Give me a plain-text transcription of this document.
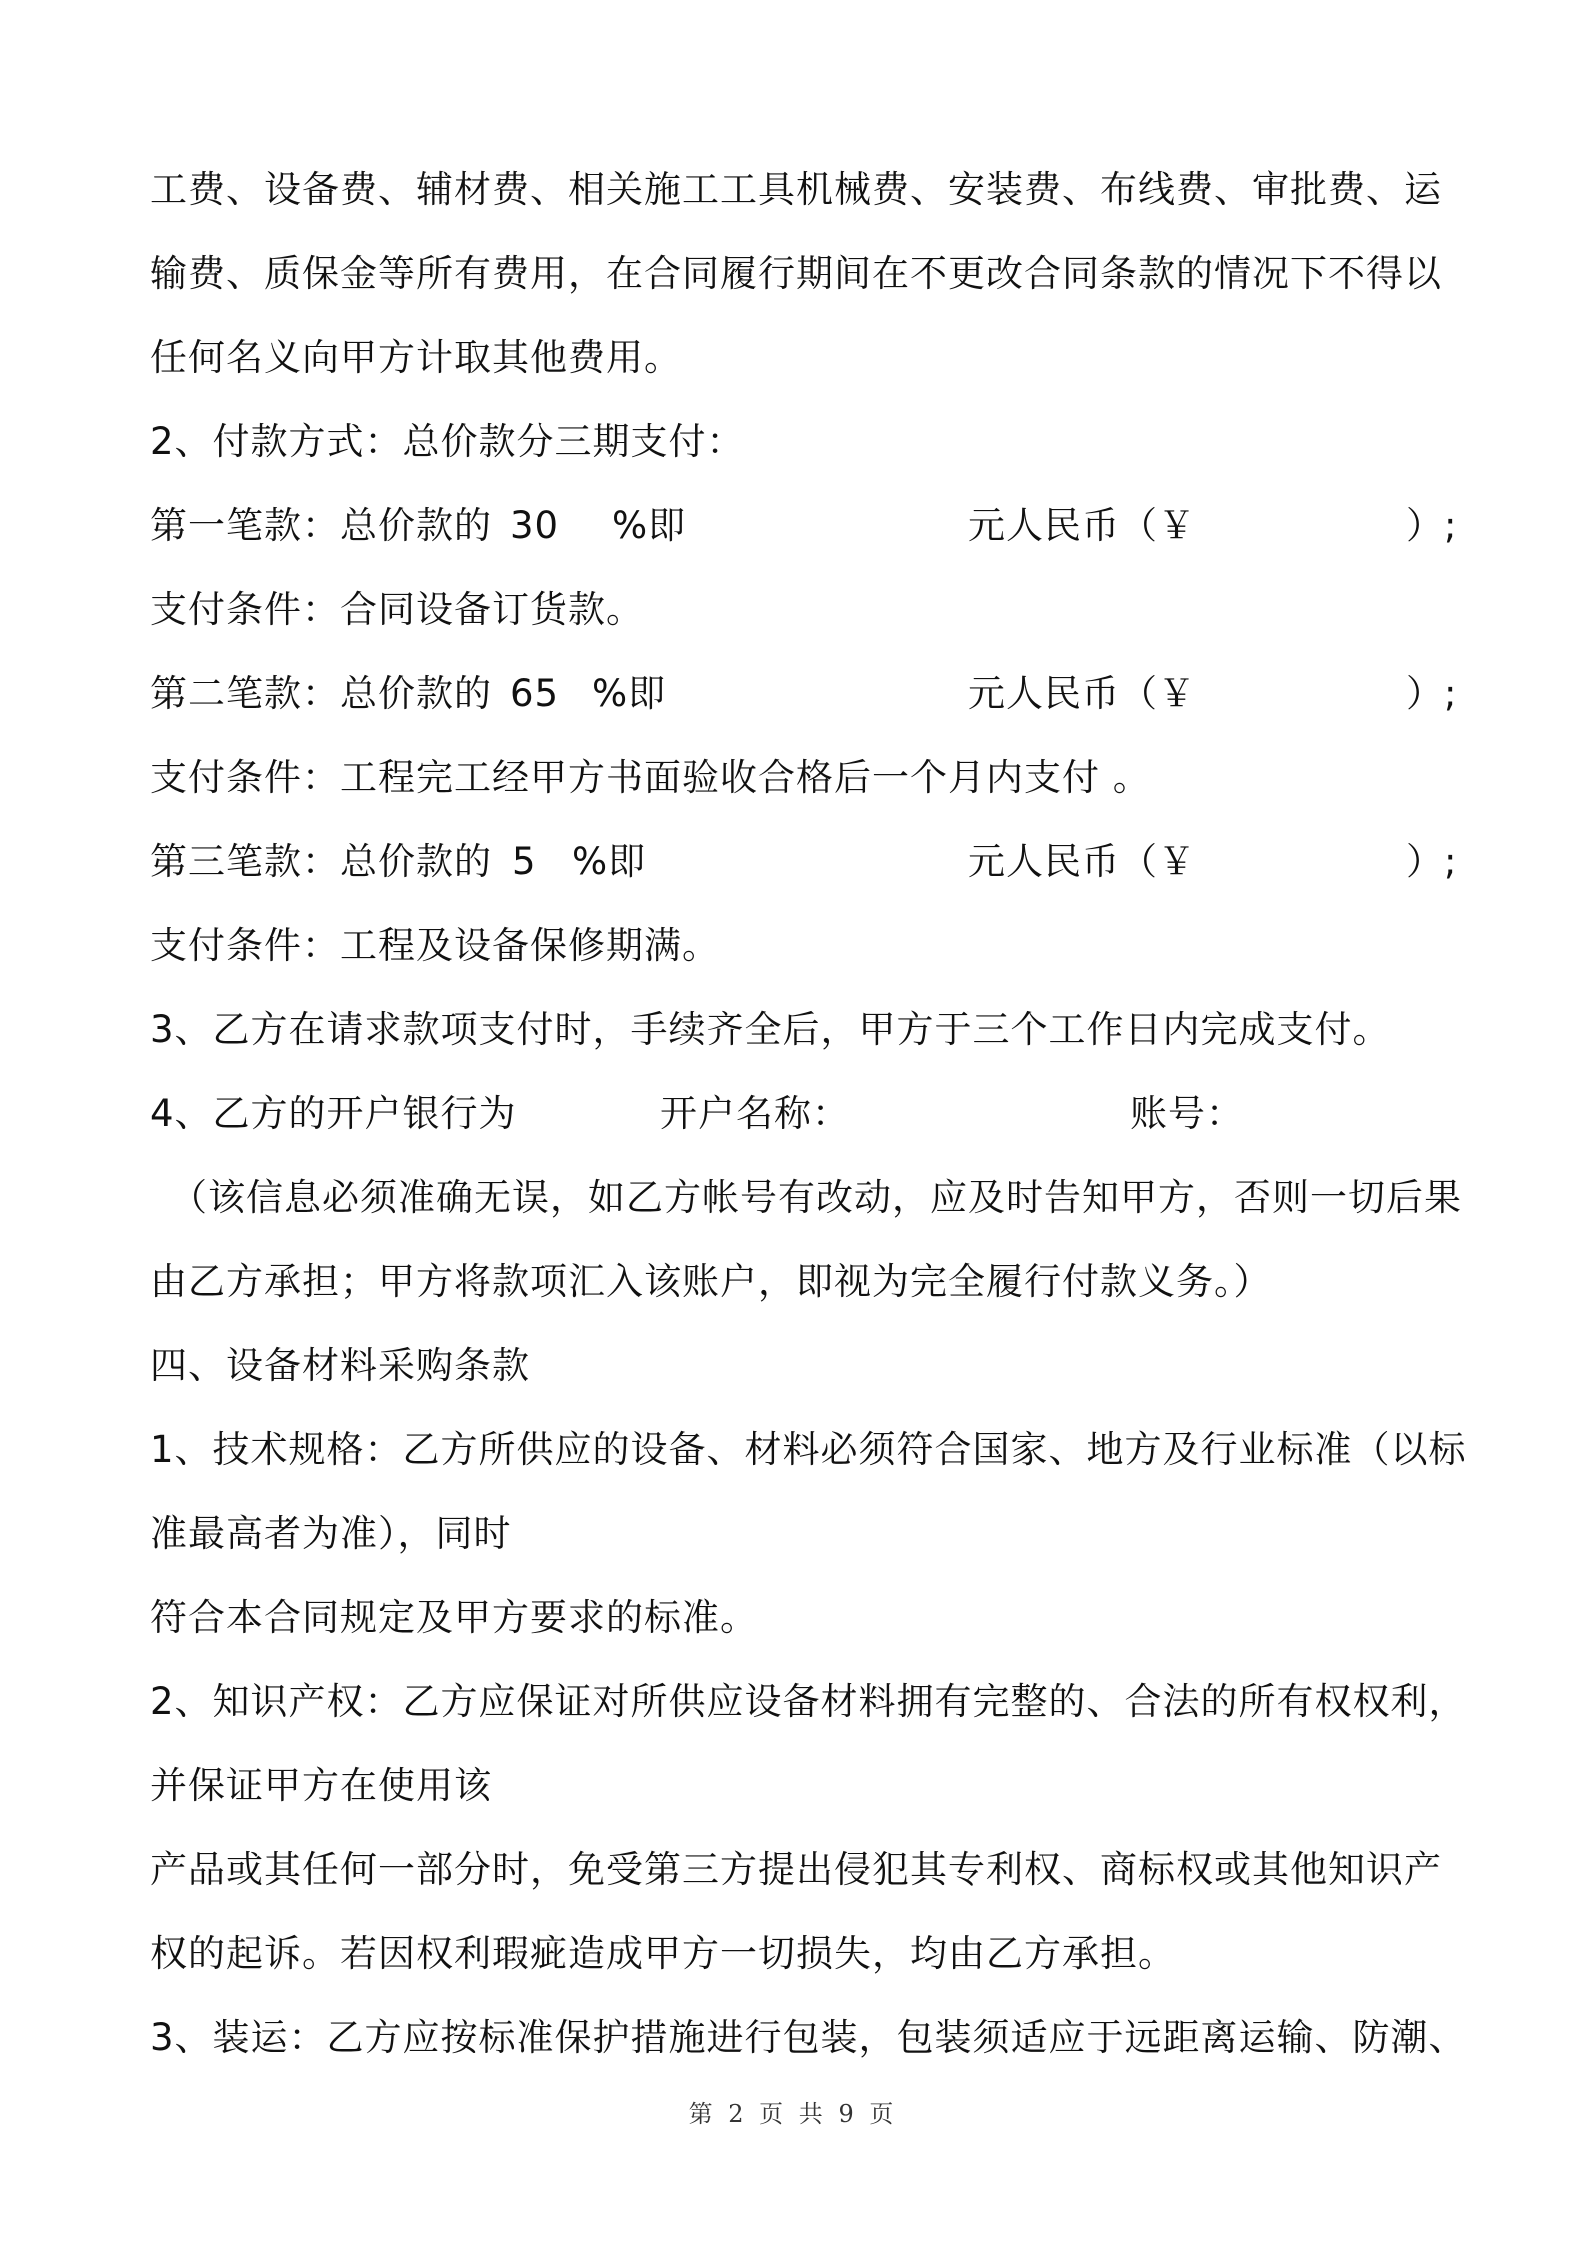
工费、设备费、辅材费、相关施工工具机械费、安装费、布线费、审批费、运
输费、质保金等所有费用，在合同履行期间在不更改合同条款的情况下不得以
任何名义向甲方计取其他费用。
2、付款方式：总价款分三期支付：
第一笔款：总价款的 30 %即	元人民币（￥	）;
支付条件：合同设备订货款。
第二笔款：总价款的 65 %即	元人民币（￥	）;
支付条件：工程完工经甲方书面验收合格后一个月内支付 。
第三笔款：总价款的 5 %即	元人民币（￥	）;
支付条件：工程及设备保修期满。
3、乙方在请求款项支付时，手续齐全后，甲方于三个工作日内完成支付。
4、乙方的开户银行为	开户名称：	账号：
（该信息必须准确无误，如乙方帐号有改动，应及时告知甲方，否则一切后果
由乙方承担；甲方将款项汇入该账户，即视为完全履行付款义务。）
四、设备材料采购条款
1、技术规格：乙方所供应的设备、材料必须符合国家、地方及行业标准（以标
准最高者为准），同时
符合本合同规定及甲方要求的标准。
2、知识产权：乙方应保证对所供应设备材料拥有完整的、合法的所有权权利，
并保证甲方在使用该
产品或其任何一部分时，免受第三方提出侵犯其专利权、商标权或其他知识产
权的起诉。若因权利瑕疵造成甲方一切损失，均由乙方承担。
3、装运：乙方应按标准保护措施进行包装，包装须适应于远距离运输、防潮、
第 2 页 共 9 页
